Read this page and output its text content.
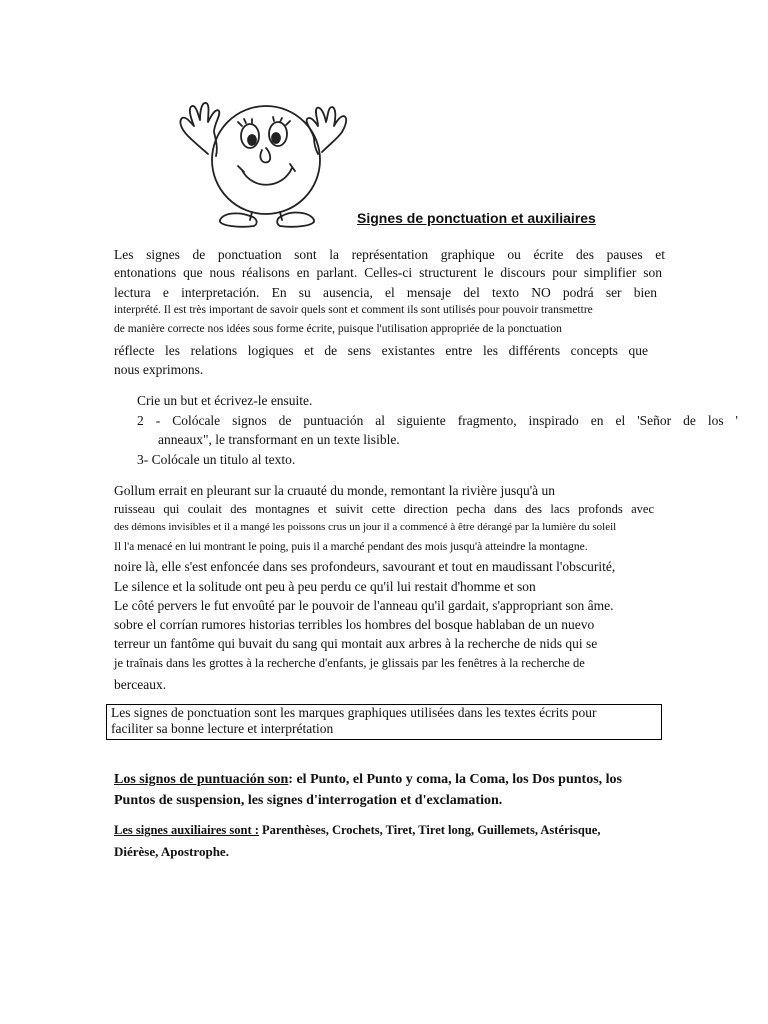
Signes de ponctuation et auxiliaires
Les signes de ponctuation sont la représentation graphique ou écrite des pauses et
entonations que nous réalisons en parlant. Celles-ci structurent le discours pour simplifier son
lectura e interpretación. En su ausencia, el mensaje del texto NO podrá ser bien
interprété. Il est très important de savoir quels sont et comment ils sont utilisés pour pouvoir transmettre
de manière correcte nos idées sous forme écrite, puisque l'utilisation appropriée de la ponctuation
réflecte les relations logiques et de sens existantes entre les différents concepts que
nous exprimons.
Crie un but et écrivez-le ensuite.
2 - Colócale signos de puntuación al siguiente fragmento, inspirado en el 'Señor de los '
anneaux", le transformant en un texte lisible.
3- Colócale un titulo al texto.
Gollum errait en pleurant sur la cruauté du monde, remontant la rivière jusqu'à un
ruisseau qui coulait des montagnes et suivit cette direction pecha dans des lacs profonds avec
des démons invisibles et il a mangé les poissons crus un jour il a commencé à être dérangé par la lumière du soleil
Il l'a menacé en lui montrant le poing, puis il a marché pendant des mois jusqu'à atteindre la montagne.
noire là, elle s'est enfoncée dans ses profondeurs, savourant et tout en maudissant l'obscurité,
Le silence et la solitude ont peu à peu perdu ce qu'il lui restait d'homme et son
Le côté pervers le fut envoûté par le pouvoir de l'anneau qu'il gardait, s'appropriant son âme.
sobre el corrían rumores historias terribles los hombres del bosque hablaban de un nuevo
terreur un fantôme qui buvait du sang qui montait aux arbres à la recherche de nids qui se
je traînais dans les grottes à la recherche d'enfants, je glissais par les fenêtres à la recherche de
berceaux.
Les signes de ponctuation sont les marques graphiques utilisées dans les textes écrits pour
faciliter sa bonne lecture et interprétation
Los signos de puntuación son: el Punto, el Punto y coma, la Coma, los Dos puntos, los
Puntos de suspension, les signes d'interrogation et d'exclamation.
Les signes auxiliaires sont : Parenthèses, Crochets, Tiret, Tiret long, Guillemets, Astérisque,
Diérèse, Apostrophe.
